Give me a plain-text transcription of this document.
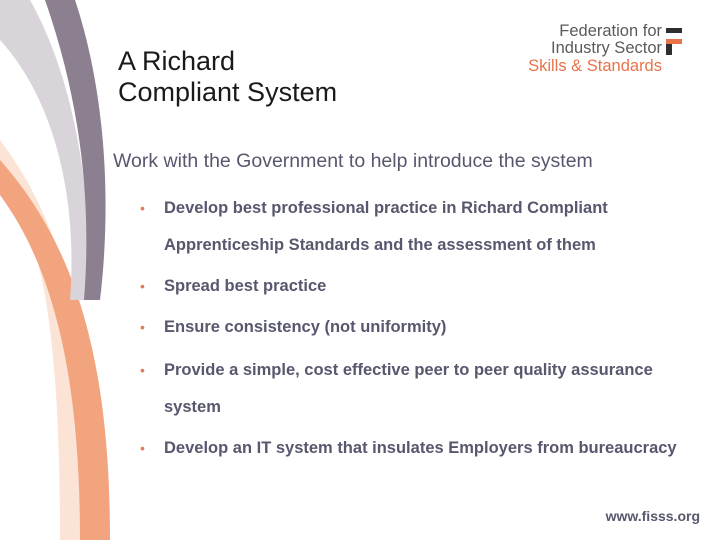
A Richard
Compliant System
Federation for
Industry Sector
Skills & Standards
Work with the Government to help introduce the system
• Develop best professional practice in Richard Compliant Apprenticeship Standards and the assessment of them
• Spread best practice
• Ensure consistency (not uniformity)
• Provide a simple, cost effective peer to peer quality assurance system
• Develop an IT system that insulates Employers from bureaucracy
www.fisss.org
